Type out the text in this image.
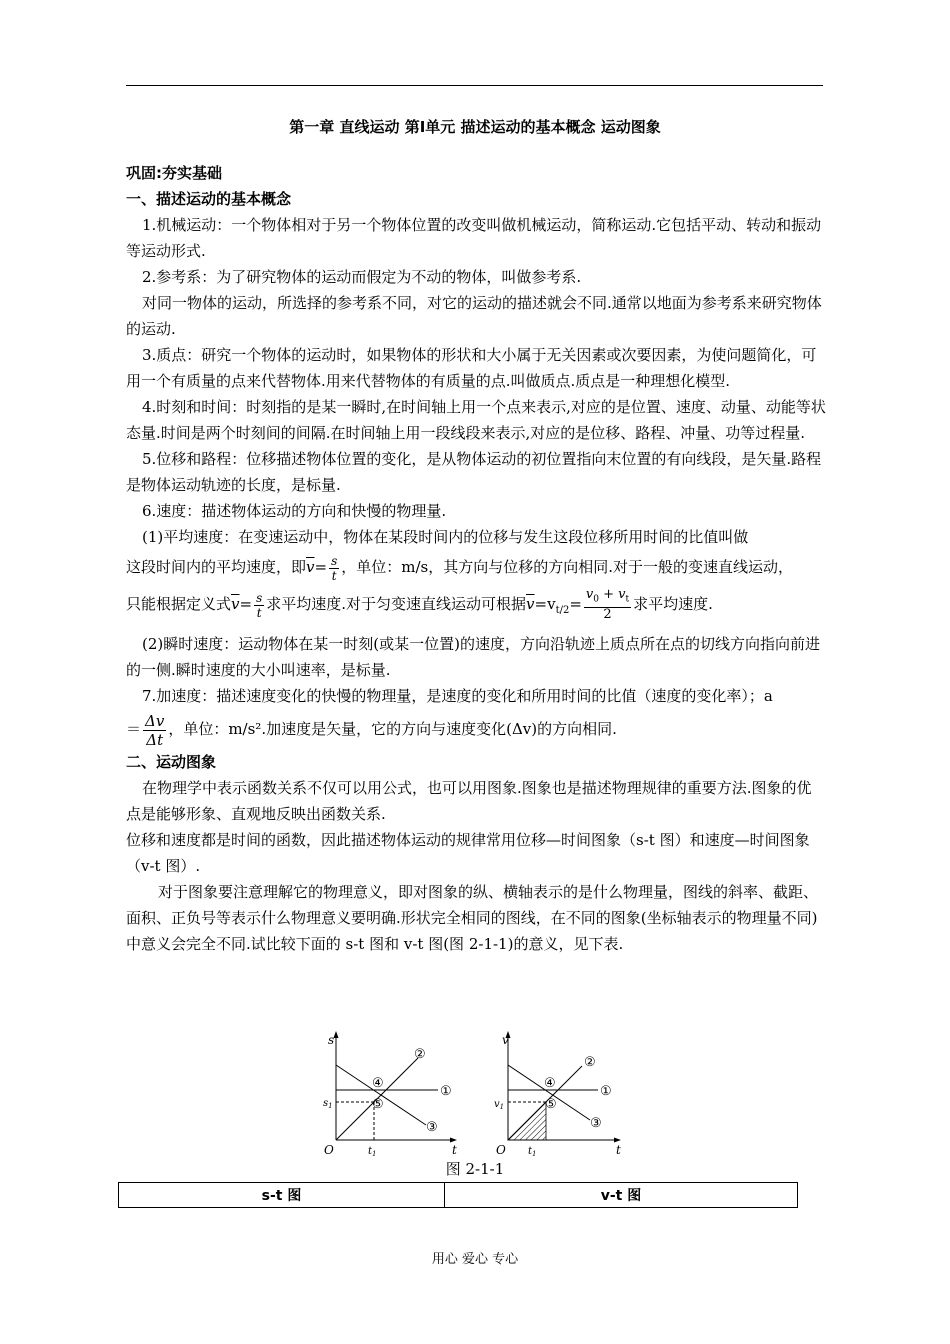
第一章 直线运动 第Ⅰ单元 描述运动的基本概念 运动图象

巩固:夯实基础

一、描述运动的基本概念

1.机械运动：一个物体相对于另一个物体位置的改变叫做机械运动，简称运动.它包括平动、转动和振动等运动形式.

2.参考系：为了研究物体的运动而假定为不动的物体，叫做参考系.

对同一物体的运动，所选择的参考系不同，对它的运动的描述就会不同.通常以地面为参考系来研究物体的运动.

3.质点：研究一个物体的运动时，如果物体的形状和大小属于无关因素或次要因素，为使问题简化，可用一个有质量的点来代替物体.用来代替物体的有质量的点.叫做质点.质点是一种理想化模型.

4.时刻和时间：时刻指的是某一瞬时,在时间轴上用一个点来表示,对应的是位置、速度、动量、动能等状态量.时间是两个时刻间的间隔.在时间轴上用一段线段来表示,对应的是位移、路程、冲量、功等过程量.

5.位移和路程：位移描述物体位置的变化，是从物体运动的初位置指向末位置的有向线段，是矢量.路程是物体运动轨迹的长度，是标量.

6.速度：描述物体运动的方向和快慢的物理量.

(1)平均速度：在变速运动中，物体在某段时间内的位移与发生这段位移所用时间的比值叫做

这段时间内的平均速度，即$\overline{v}= \frac{s}{t}$ ，单位：m/s，其方向与位移的方向相同.对于一般的变速直线运动，

只能根据定义式$\overline{v}= \frac{s}{t}$ 求平均速度.对于匀变速直线运动可根据$\overline{v}=v_{t/2}= \frac{v_0 + v_t}{2}$ 求平均速度.

(2)瞬时速度：运动物体在某一时刻(或某一位置)的速度，方向沿轨迹上质点所在点的切线方向指向前进的一侧.瞬时速度的大小叫速率，是标量.

7.加速度：描述速度变化的快慢的物理量，是速度的变化和所用时间的比值（速度的变化率）；a

＝ $\frac{\Delta v}{\Delta t}$ ，单位：m/s².加速度是矢量，它的方向与速度变化(Δv)的方向相同.

二、运动图象

在物理学中表示函数关系不仅可以用公式，也可以用图象.图象也是描述物理规律的重要方法.图象的优点是能够形象、直观地反映出函数关系.

位移和速度都是时间的函数，因此描述物体运动的规律常用位移—时间图象（s-t 图）和速度—时间图象（v-t 图）.

对于图象要注意理解它的物理意义，即对图象的纵、横轴表示的是什么物理量，图线的斜率、截距、面积、正负号等表示什么物理意义要明确.形状完全相同的图线，在不同的图象(坐标轴表示的物理量不同)中意义会完全不同.试比较下面的 s-t 图和 v-t 图(图 2-1-1)的意义，见下表.

s
t
O
$s_1$
$t_1$
①
②
③
④
⑤
v
t
O
$v_1$
$t_1$
①
②
③
④
⑤
图 2-1-1
s-t 图	v-t 图
用心 爱心 专心
